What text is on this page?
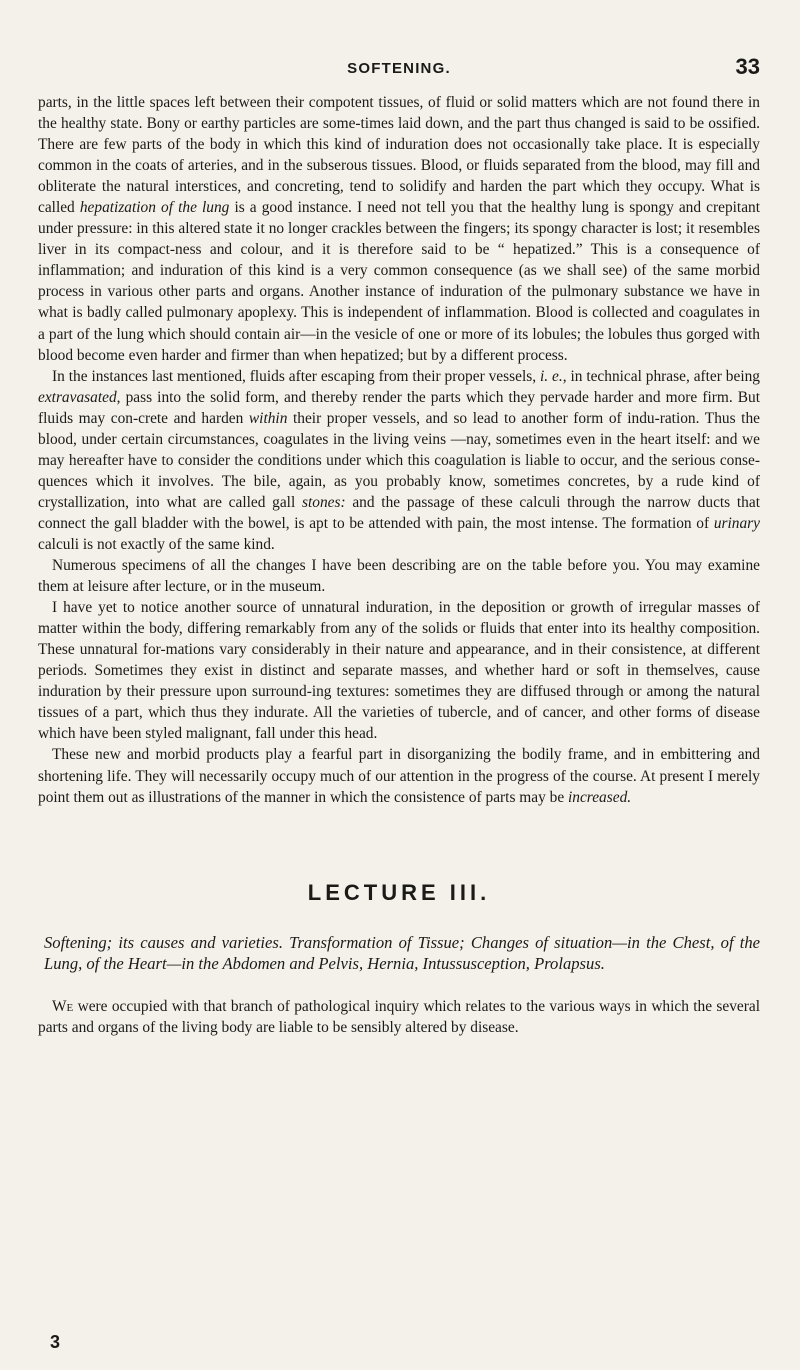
SOFTENING.	33

parts, in the little spaces left between their compotent tissues, of fluid or solid matters which are not found there in the healthy state. Bony or earthy particles are some-times laid down, and the part thus changed is said to be ossified. There are few parts of the body in which this kind of induration does not occasionally take place. It is especially common in the coats of arteries, and in the subserous tissues. Blood, or fluids separated from the blood, may fill and obliterate the natural interstices, and concreting, tend to solidify and harden the part which they occupy. What is called hepatization of the lung is a good instance. I need not tell you that the healthy lung is spongy and crepitant under pressure: in this altered state it no longer crackles between the fingers; its spongy character is lost; it resembles liver in its compact-ness and colour, and it is therefore said to be “ hepatized.” This is a consequence of inflammation; and induration of this kind is a very common consequence (as we shall see) of the same morbid process in various other parts and organs. Another instance of induration of the pulmonary substance we have in what is badly called pulmonary apoplexy. This is independent of inflammation. Blood is collected and coagulates in a part of the lung which should contain air—in the vesicle of one or more of its lobules; the lobules thus gorged with blood become even harder and firmer than when hepatized; but by a different process.

In the instances last mentioned, fluids after escaping from their proper vessels, i. e., in technical phrase, after being extravasated, pass into the solid form, and thereby render the parts which they pervade harder and more firm. But fluids may con-crete and harden within their proper vessels, and so lead to another form of indu-ration. Thus the blood, under certain circumstances, coagulates in the living veins —nay, sometimes even in the heart itself: and we may hereafter have to consider the conditions under which this coagulation is liable to occur, and the serious conse-quences which it involves. The bile, again, as you probably know, sometimes concretes, by a rude kind of crystallization, into what are called gall stones: and the passage of these calculi through the narrow ducts that connect the gall bladder with the bowel, is apt to be attended with pain, the most intense. The formation of urinary calculi is not exactly of the same kind.

Numerous specimens of all the changes I have been describing are on the table before you. You may examine them at leisure after lecture, or in the museum.

I have yet to notice another source of unnatural induration, in the deposition or growth of irregular masses of matter within the body, differing remarkably from any of the solids or fluids that enter into its healthy composition. These unnatural for-mations vary considerably in their nature and appearance, and in their consistence, at different periods. Sometimes they exist in distinct and separate masses, and whether hard or soft in themselves, cause induration by their pressure upon surround-ing textures: sometimes they are diffused through or among the natural tissues of a part, which thus they indurate. All the varieties of tubercle, and of cancer, and other forms of disease which have been styled malignant, fall under this head.

These new and morbid products play a fearful part in disorganizing the bodily frame, and in embittering and shortening life. They will necessarily occupy much of our attention in the progress of the course. At present I merely point them out as illustrations of the manner in which the consistence of parts may be increased.

LECTURE III.

Softening; its causes and varieties. Transformation of Tissue; Changes of situation—in the Chest, of the Lung, of the Heart—in the Abdomen and Pelvis, Hernia, Intussusception, Prolapsus.

We were occupied with that branch of pathological inquiry which relates to the various ways in which the several parts and organs of the living body are liable to be sensibly altered by disease.

3
